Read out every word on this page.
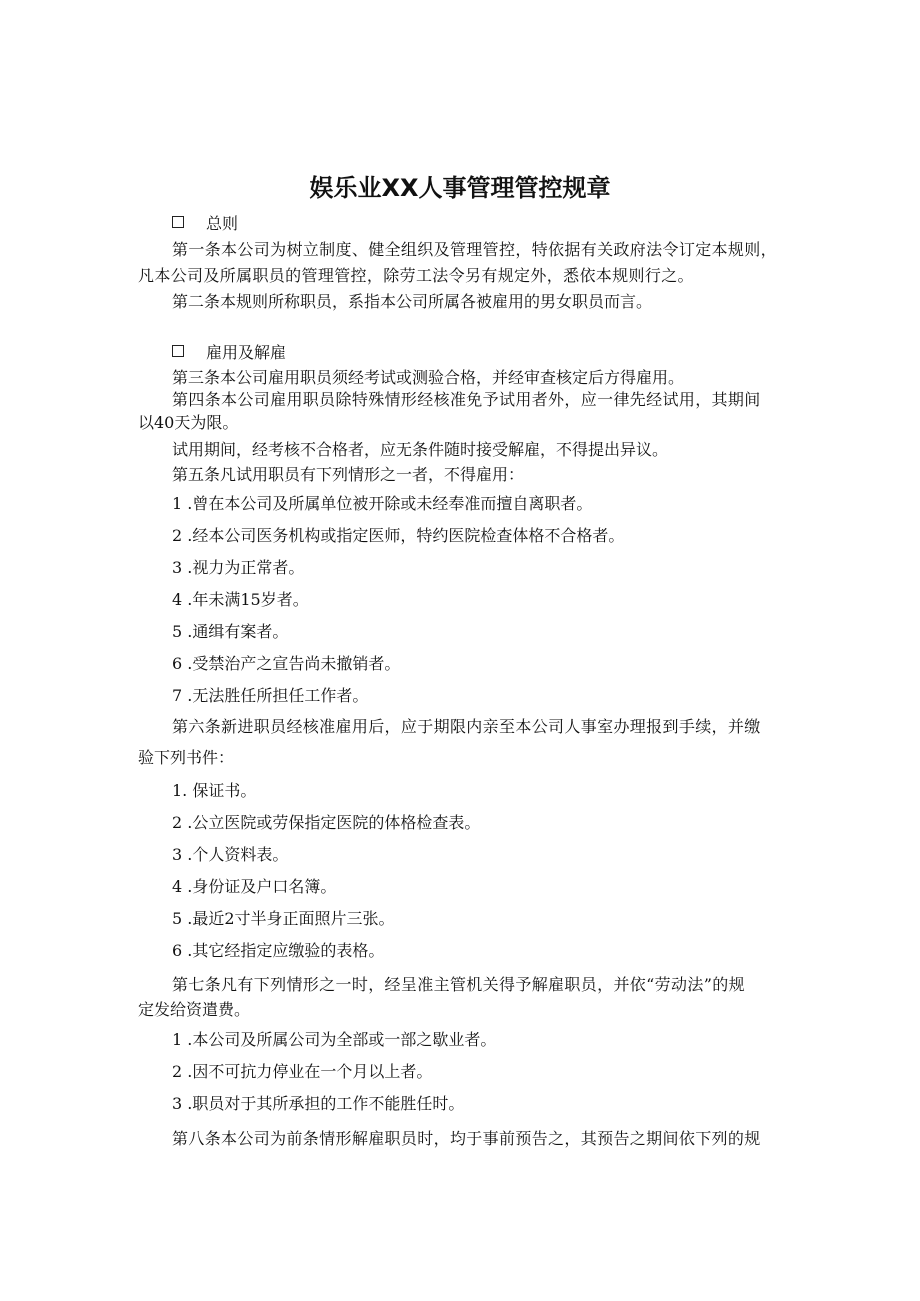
娱乐业XX人事管理管控规章
总则
第一条本公司为树立制度、健全组织及管理管控，特依据有关政府法令订定本规则，
凡本公司及所属职员的管理管控，除劳工法令另有规定外，悉依本规则行之。
第二条本规则所称职员，系指本公司所属各被雇用的男女职员而言。
雇用及解雇
第三条本公司雇用职员须经考试或测验合格，并经审查核定后方得雇用。
第四条本公司雇用职员除特殊情形经核准免予试用者外，应一律先经试用，其期间
以40天为限。
试用期间，经考核不合格者，应无条件随时接受解雇，不得提出异议。
第五条凡试用职员有下列情形之一者，不得雇用：
1 .曾在本公司及所属单位被开除或未经奉准而擅自离职者。
2 .经本公司医务机构或指定医师，特约医院检查体格不合格者。
3 .视力为正常者。
4 .年未满15岁者。
5 .通缉有案者。
6 .受禁治产之宣告尚未撤销者。
7 .无法胜任所担任工作者。
第六条新进职员经核准雇用后，应于期限内亲至本公司人事室办理报到手续，并缴
验下列书件：
1. 保证书。
2 .公立医院或劳保指定医院的体格检查表。
3 .个人资料表。
4 .身份证及户口名簿。
5 .最近2寸半身正面照片三张。
6 .其它经指定应缴验的表格。
第七条凡有下列情形之一时，经呈准主管机关得予解雇职员，并依“劳动法”的规
定发给资遣费。
1 .本公司及所属公司为全部或一部之歇业者。
2 .因不可抗力停业在一个月以上者。
3 .职员对于其所承担的工作不能胜任时。
第八条本公司为前条情形解雇职员时，均于事前预告之，其预告之期间依下列的规
